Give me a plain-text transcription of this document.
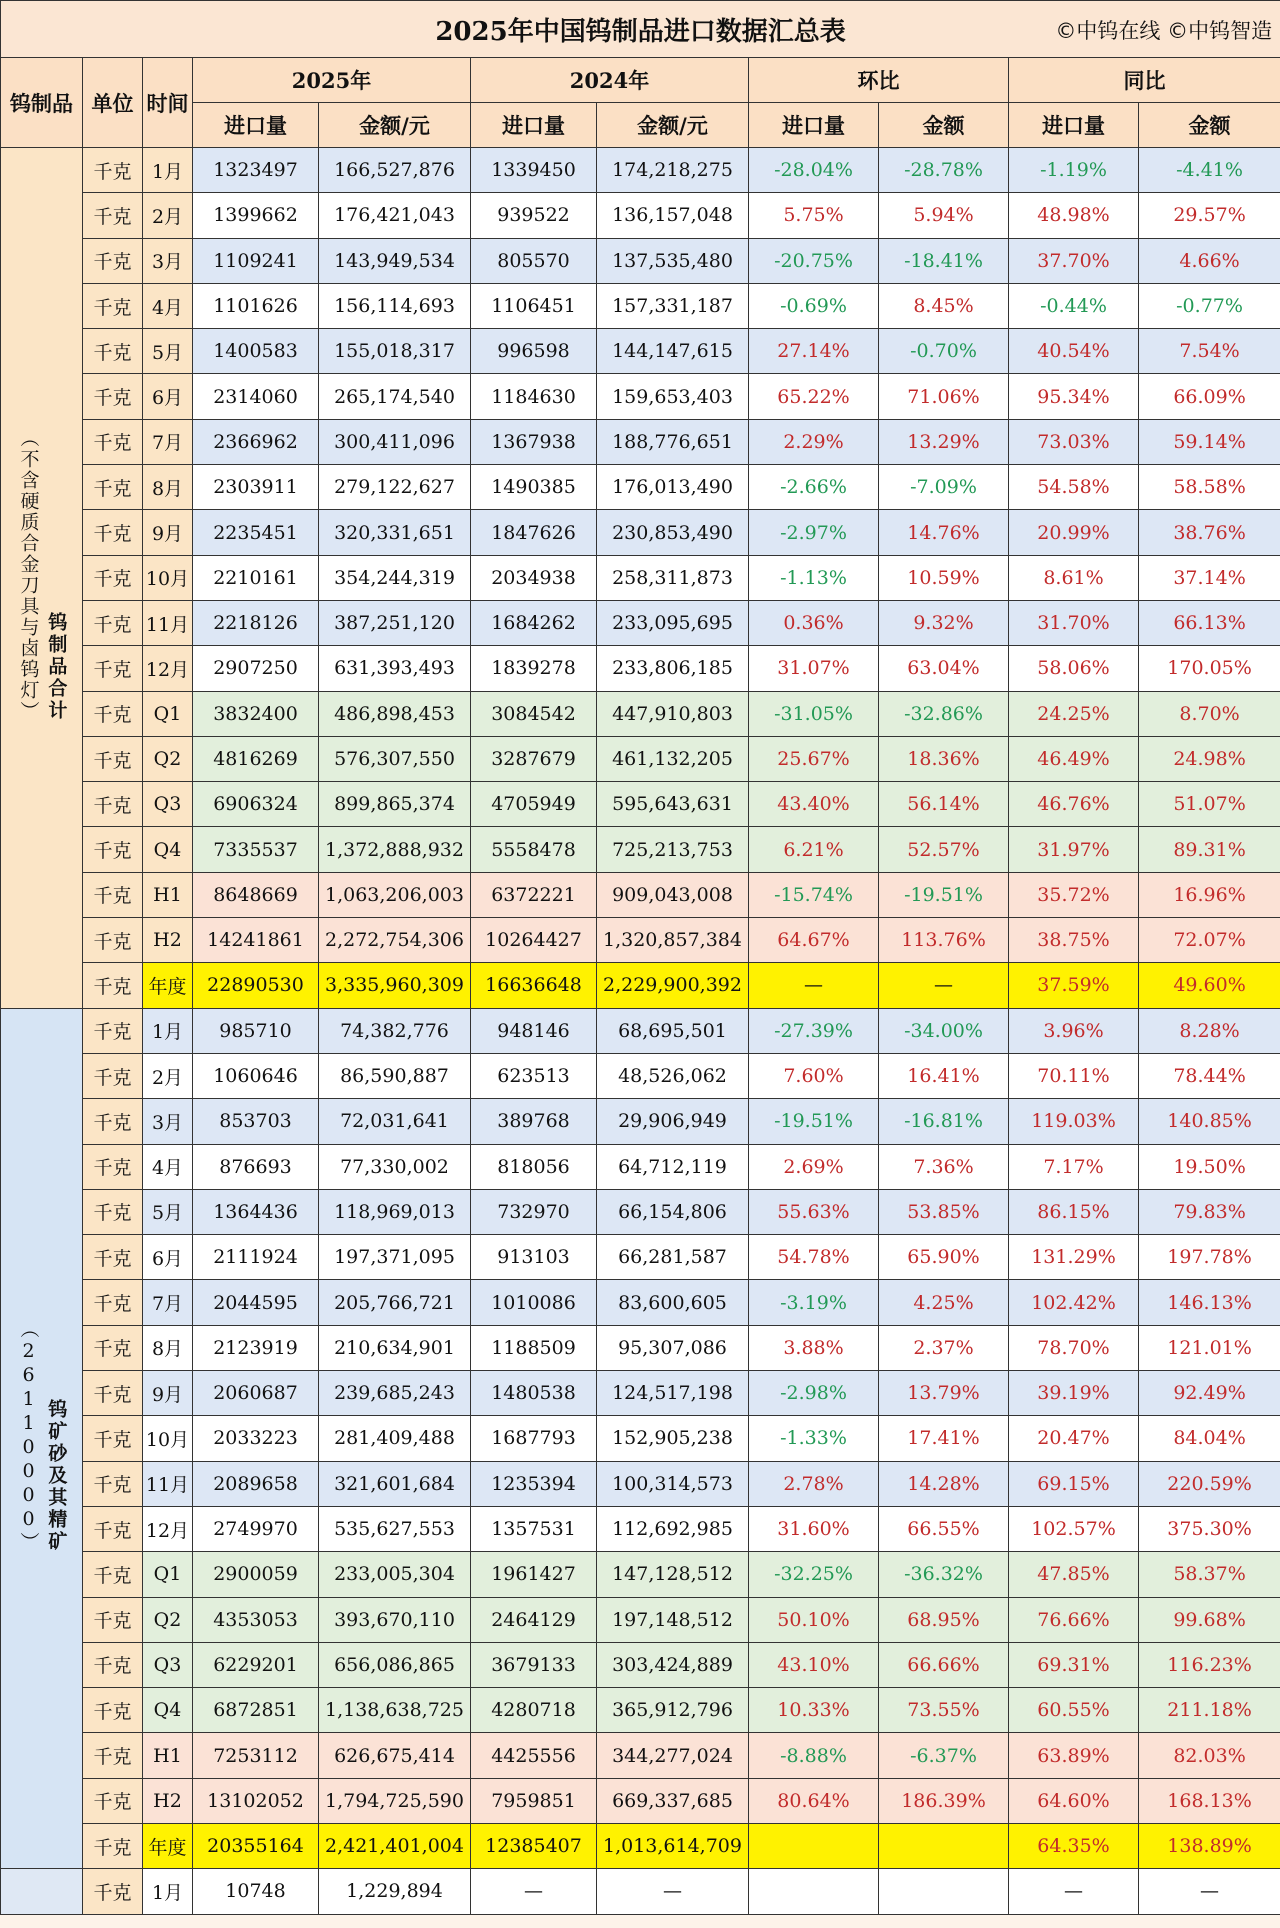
2025年中国钨制品进口数据汇总表 ©中钨在线 ©中钨智造										

钨制品	单位	时间	2025年		2024年		环比		同比	
			进口量	金额/元	进口量	金额/元	进口量	金额	进口量	金额
（不含硬质合金刀具与卤钨灯） 钨制品合计	千克	1月	1323497	166,527,876	1339450	174,218,275	-28.04%	-28.78%	-1.19%	-4.41%
	千克	2月	1399662	176,421,043	939522	136,157,048	5.75%	5.94%	48.98%	29.57%
	千克	3月	1109241	143,949,534	805570	137,535,480	-20.75%	-18.41%	37.70%	4.66%
	千克	4月	1101626	156,114,693	1106451	157,331,187	-0.69%	8.45%	-0.44%	-0.77%
	千克	5月	1400583	155,018,317	996598	144,147,615	27.14%	-0.70%	40.54%	7.54%
	千克	6月	2314060	265,174,540	1184630	159,653,403	65.22%	71.06%	95.34%	66.09%
	千克	7月	2366962	300,411,096	1367938	188,776,651	2.29%	13.29%	73.03%	59.14%
	千克	8月	2303911	279,122,627	1490385	176,013,490	-2.66%	-7.09%	54.58%	58.58%
	千克	9月	2235451	320,331,651	1847626	230,853,490	-2.97%	14.76%	20.99%	38.76%
	千克	10月	2210161	354,244,319	2034938	258,311,873	-1.13%	10.59%	8.61%	37.14%
	千克	11月	2218126	387,251,120	1684262	233,095,695	0.36%	9.32%	31.70%	66.13%
	千克	12月	2907250	631,393,493	1839278	233,806,185	31.07%	63.04%	58.06%	170.05%
	千克	Q1	3832400	486,898,453	3084542	447,910,803	-31.05%	-32.86%	24.25%	8.70%
	千克	Q2	4816269	576,307,550	3287679	461,132,205	25.67%	18.36%	46.49%	24.98%
	千克	Q3	6906324	899,865,374	4705949	595,643,631	43.40%	56.14%	46.76%	51.07%
	千克	Q4	7335537	1,372,888,932	5558478	725,213,753	6.21%	52.57%	31.97%	89.31%
	千克	H1	8648669	1,063,206,003	6372221	909,043,008	-15.74%	-19.51%	35.72%	16.96%
	千克	H2	14241861	2,272,754,306	10264427	1,320,857,384	64.67%	113.76%	38.75%	72.07%
	千克	年度	22890530	3,335,960,309	16636648	2,229,900,392	—	—	37.59%	49.60%
（26110000） 钨矿砂及其精矿	千克	1月	985710	74,382,776	948146	68,695,501	-27.39%	-34.00%	3.96%	8.28%
	千克	2月	1060646	86,590,887	623513	48,526,062	7.60%	16.41%	70.11%	78.44%
	千克	3月	853703	72,031,641	389768	29,906,949	-19.51%	-16.81%	119.03%	140.85%
	千克	4月	876693	77,330,002	818056	64,712,119	2.69%	7.36%	7.17%	19.50%
	千克	5月	1364436	118,969,013	732970	66,154,806	55.63%	53.85%	86.15%	79.83%
	千克	6月	2111924	197,371,095	913103	66,281,587	54.78%	65.90%	131.29%	197.78%
	千克	7月	2044595	205,766,721	1010086	83,600,605	-3.19%	4.25%	102.42%	146.13%
	千克	8月	2123919	210,634,901	1188509	95,307,086	3.88%	2.37%	78.70%	121.01%
	千克	9月	2060687	239,685,243	1480538	124,517,198	-2.98%	13.79%	39.19%	92.49%
	千克	10月	2033223	281,409,488	1687793	152,905,238	-1.33%	17.41%	20.47%	84.04%
	千克	11月	2089658	321,601,684	1235394	100,314,573	2.78%	14.28%	69.15%	220.59%
	千克	12月	2749970	535,627,553	1357531	112,692,985	31.60%	66.55%	102.57%	375.30%
	千克	Q1	2900059	233,005,304	1961427	147,128,512	-32.25%	-36.32%	47.85%	58.37%
	千克	Q2	4353053	393,670,110	2464129	197,148,512	50.10%	68.95%	76.66%	99.68%
	千克	Q3	6229201	656,086,865	3679133	303,424,889	43.10%	66.66%	69.31%	116.23%
	千克	Q4	6872851	1,138,638,725	4280718	365,912,796	10.33%	73.55%	60.55%	211.18%
	千克	H1	7253112	626,675,414	4425556	344,277,024	-8.88%	-6.37%	63.89%	82.03%
	千克	H2	13102052	1,794,725,590	7959851	669,337,685	80.64%	186.39%	64.60%	168.13%
	千克	年度	20355164	2,421,401,004	12385407	1,013,614,709			64.35%	138.89%
	千克	1月	10748	1,229,894	—	—			—	—
